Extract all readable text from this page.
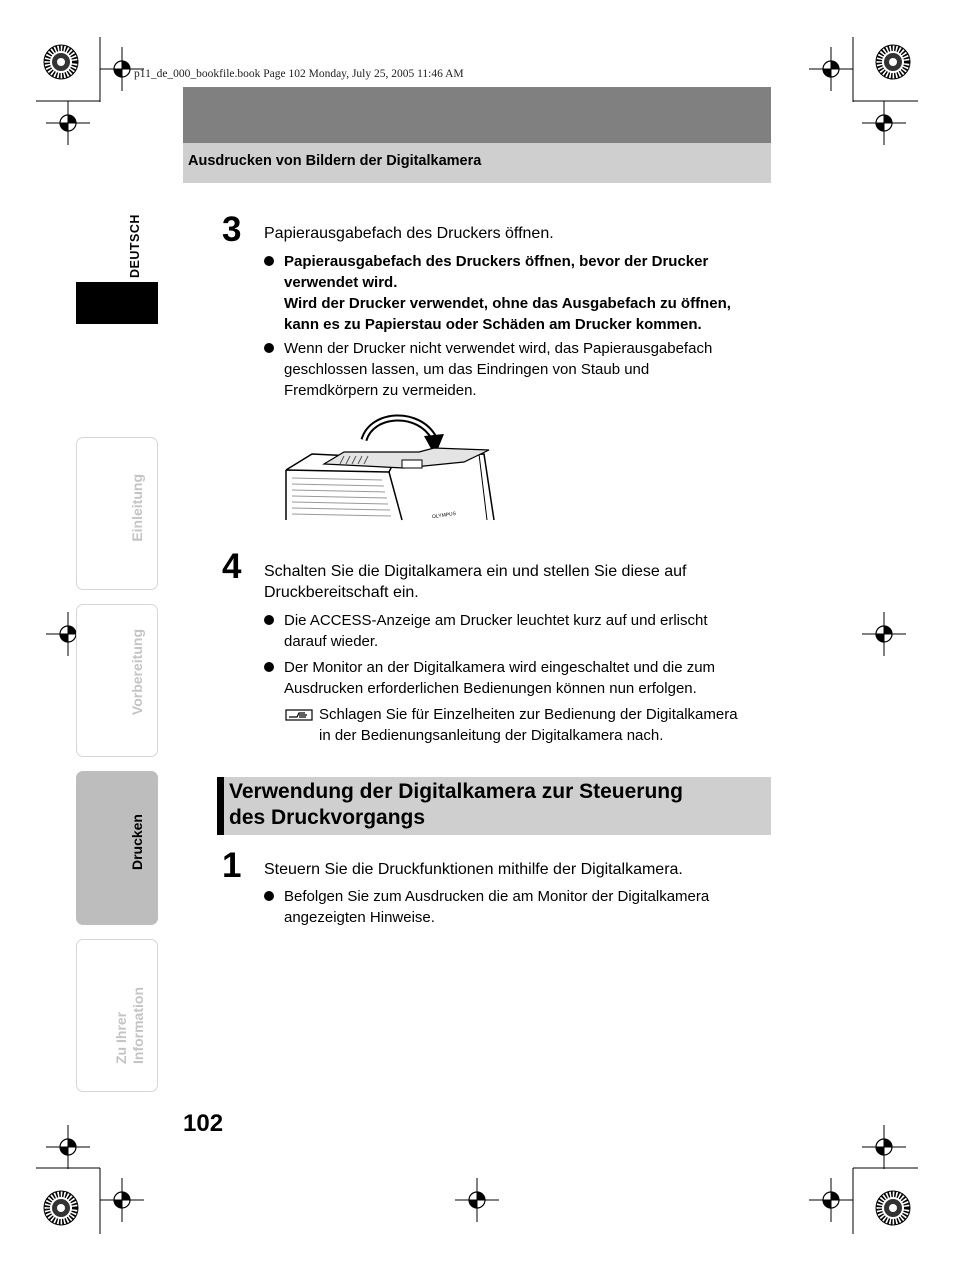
p11_de_000_bookfile.book Page 102 Monday, July 25, 2005 11:46 AM
Ausdrucken von Bildern der Digitalkamera
DEUTSCH
Einleitung
Vorbereitung
Drucken
Zu Ihrer Information
3 Papierausgabefach des Druckers öffnen.
Papierausgabefach des Druckers öffnen, bevor der Drucker
verwendet wird.
Wird der Drucker verwendet, ohne das Ausgabefach zu öffnen,
kann es zu Papierstau oder Schäden am Drucker kommen.
Wenn der Drucker nicht verwendet wird, das Papierausgabefach
geschlossen lassen, um das Eindringen von Staub und
Fremdkörpern zu vermeiden.
OLYMPUS
4 Schalten Sie die Digitalkamera ein und stellen Sie diese auf
Druckbereitschaft ein.
Die ACCESS-Anzeige am Drucker leuchtet kurz auf und erlischt
darauf wieder.
Der Monitor an der Digitalkamera wird eingeschaltet und die zum
Ausdrucken erforderlichen Bedienungen können nun erfolgen.
Schlagen Sie für Einzelheiten zur Bedienung der Digitalkamera
in der Bedienungsanleitung der Digitalkamera nach.
Verwendung der Digitalkamera zur Steuerung
des Druckvorgangs
1 Steuern Sie die Druckfunktionen mithilfe der Digitalkamera.
Befolgen Sie zum Ausdrucken die am Monitor der Digitalkamera
angezeigten Hinweise.
102
